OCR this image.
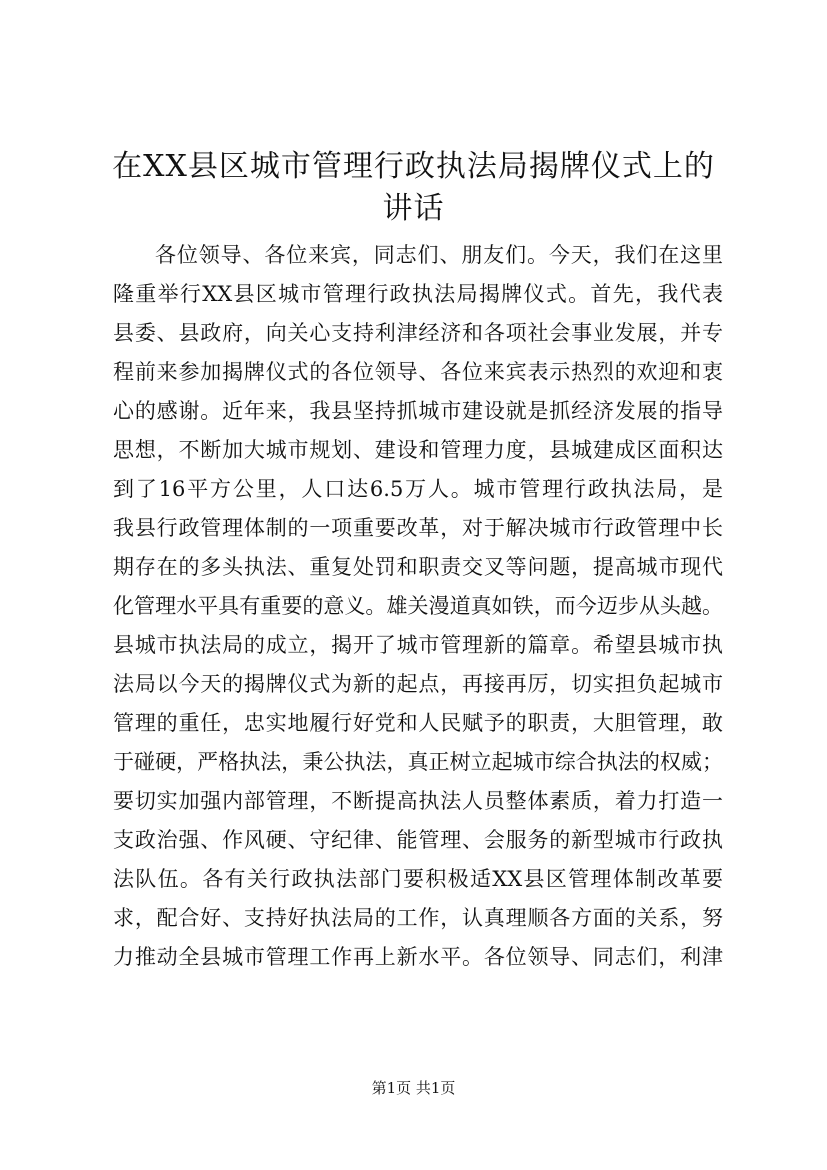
在XX县区城市管理行政执法局揭牌仪式上的
讲话
各位领导、各位来宾，同志们、朋友们。今天，我们在这里
隆重举行XX县区城市管理行政执法局揭牌仪式。首先，我代表
县委、县政府，向关心支持利津经济和各项社会事业发展，并专
程前来参加揭牌仪式的各位领导、各位来宾表示热烈的欢迎和衷
心的感谢。近年来，我县坚持抓城市建设就是抓经济发展的指导
思想，不断加大城市规划、建设和管理力度，县城建成区面积达
到了16平方公里，人口达6.5万人。城市管理行政执法局，是
我县行政管理体制的一项重要改革，对于解决城市行政管理中长
期存在的多头执法、重复处罚和职责交叉等问题，提高城市现代
化管理水平具有重要的意义。雄关漫道真如铁，而今迈步从头越。
县城市执法局的成立，揭开了城市管理新的篇章。希望县城市执
法局以今天的揭牌仪式为新的起点，再接再厉，切实担负起城市
管理的重任，忠实地履行好党和人民赋予的职责，大胆管理，敢
于碰硬，严格执法，秉公执法，真正树立起城市综合执法的权威；
要切实加强内部管理，不断提高执法人员整体素质，着力打造一
支政治强、作风硬、守纪律、能管理、会服务的新型城市行政执
法队伍。各有关行政执法部门要积极适XX县区管理体制改革要
求，配合好、支持好执法局的工作，认真理顺各方面的关系，努
力推动全县城市管理工作再上新水平。各位领导、同志们，利津
第1页 共1页
